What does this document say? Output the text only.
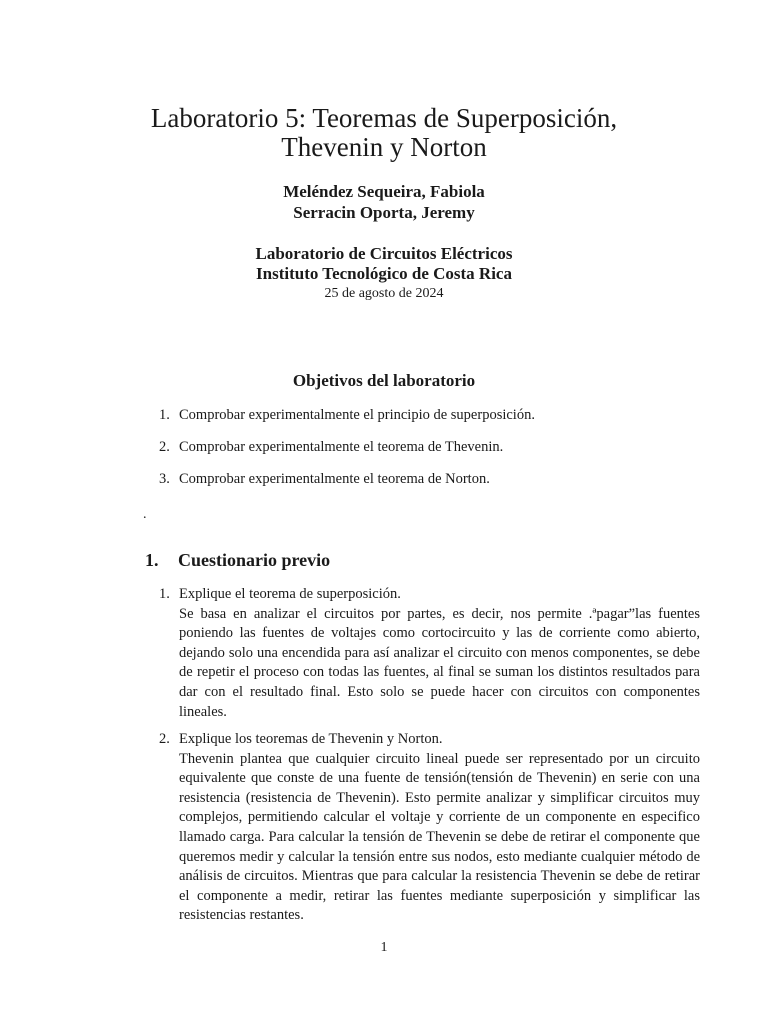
Laboratorio 5: Teoremas de Superposición,
Thevenin y Norton
Meléndez Sequeira, Fabiola
Serracin Oporta, Jeremy
Laboratorio de Circuitos Eléctricos
Instituto Tecnológico de Costa Rica
25 de agosto de 2024
Objetivos del laboratorio
1. Comprobar experimentalmente el principio de superposición.
2. Comprobar experimentalmente el teorema de Thevenin.
3. Comprobar experimentalmente el teorema de Norton.
.
1. Cuestionario previo
1. Explique el teorema de superposición.
Se basa en analizar el circuitos por partes, es decir, nos permite .ªpagar”las fuentes poniendo las fuentes de voltajes como cortocircuito y las de corriente como abierto, dejando solo una encendida para así analizar el circuito con menos componentes, se debe de repetir el proceso con todas las fuentes, al final se suman los distintos resultados para dar con el resultado final. Esto solo se puede hacer con circuitos con componentes lineales.
2. Explique los teoremas de Thevenin y Norton.
Thevenin plantea que cualquier circuito lineal puede ser representado por un circuito equivalente que conste de una fuente de tensión(tensión de Thevenin) en serie con una resistencia (resistencia de Thevenin). Esto permite analizar y simplificar circuitos muy complejos, permitiendo calcular el voltaje y corriente de un componente en especifico llamado carga. Para calcular la tensión de Thevenin se debe de retirar el componente que queremos medir y calcular la tensión entre sus nodos, esto mediante cualquier método de análisis de circuitos. Mientras que para calcular la resistencia Thevenin se debe de retirar el componente a medir, retirar las fuentes mediante superposición y simplificar las resistencias restantes.
1
